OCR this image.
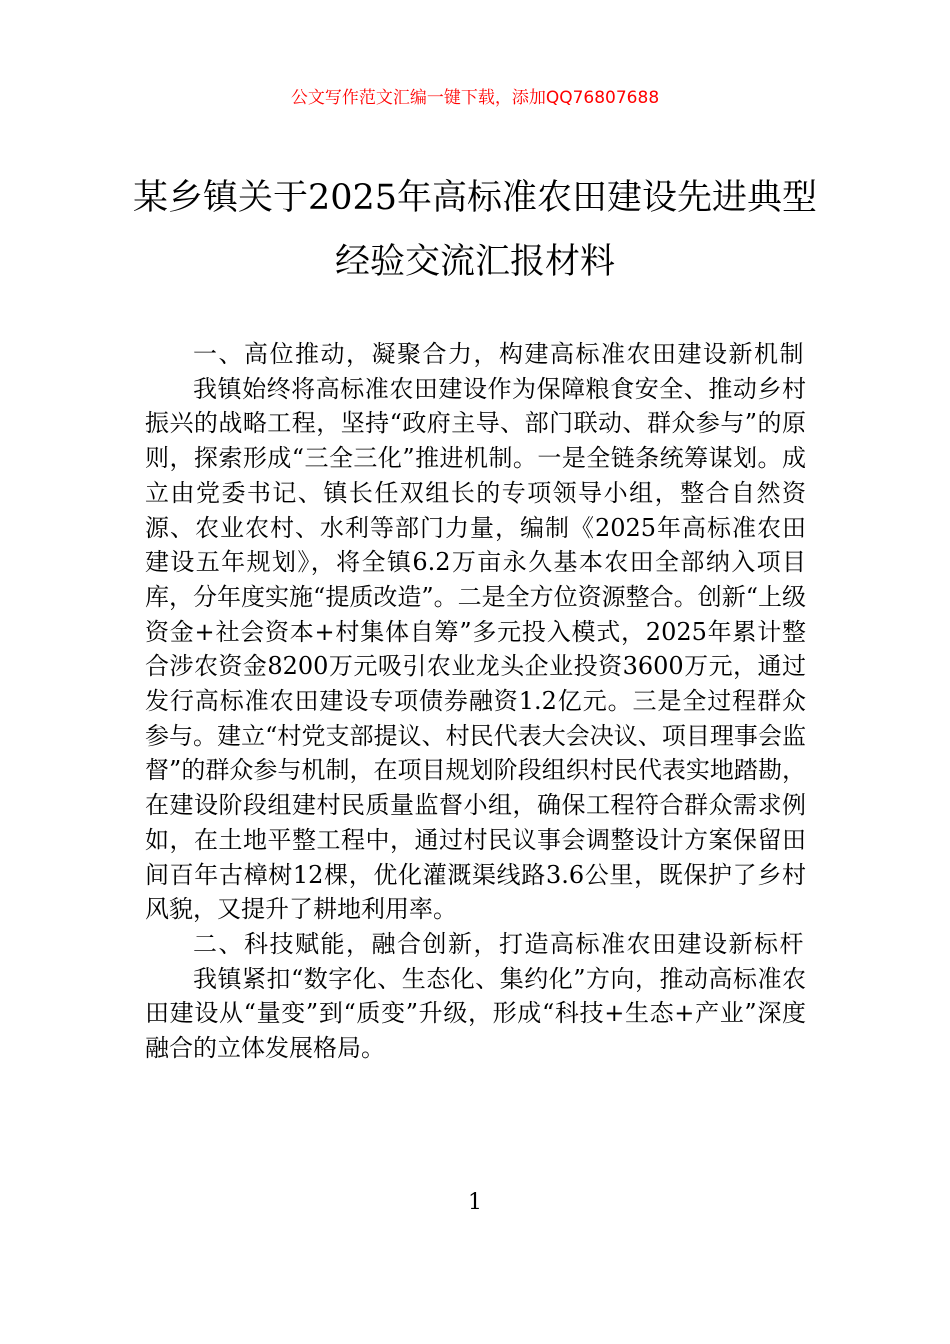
公文写作范文汇编一键下载，添加QQ76807688
某乡镇关于2025年高标准农田建设先进典型经验交流汇报材料

一、高位推动，凝聚合力，构建高标准农田建设新机制

我镇始终将高标准农田建设作为保障粮食安全、推动乡村振兴的战略工程，坚持“政府主导、部门联动、群众参与”的原则，探索形成“三全三化”推进机制。一是全链条统筹谋划。成立由党委书记、镇长任双组长的专项领导小组，整合自然资源、农业农村、水利等部门力量，编制《2025年高标准农田建设五年规划》，将全镇6.2万亩永久基本农田全部纳入项目库，分年度实施“提质改造”。二是全方位资源整合。创新“上级资金+社会资本+村集体自筹”多元投入模式，2025年累计整合涉农资金8200万元吸引农业龙头企业投资3600万元，通过发行高标准农田建设专项债券融资1.2亿元。三是全过程群众参与。建立“村党支部提议、村民代表大会决议、项目理事会监督”的群众参与机制，在项目规划阶段组织村民代表实地踏勘，在建设阶段组建村民质量监督小组，确保工程符合群众需求例如，在土地平整工程中，通过村民议事会调整设计方案保留田间百年古樟树12棵，优化灌溉渠线路3.6公里，既保护了乡村风貌，又提升了耕地利用率。

二、科技赋能，融合创新，打造高标准农田建设新标杆

我镇紧扣“数字化、生态化、集约化”方向，推动高标准农田建设从“量变”到“质变”升级，形成“科技+生态+产业”深度融合的立体发展格局。

1
